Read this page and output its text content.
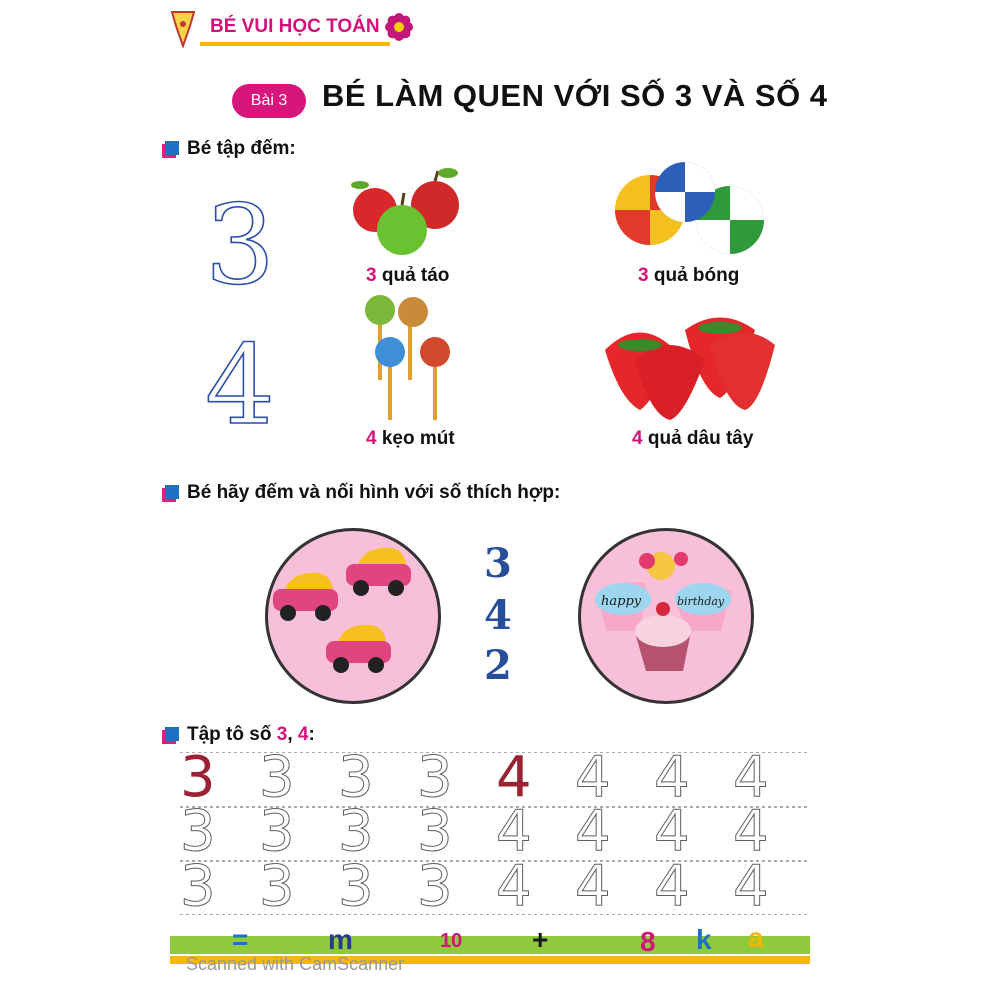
BÉ VUI HỌC TOÁN
Bài 3	BÉ LÀM QUEN VỚI SỐ 3 VÀ SỐ 4
Bé tập đếm:
3
4
3 quả táo	3 quả bóng
4 kẹo mút	4 quả dâu tây
Bé hãy đếm và nối hình với số thích hợp:
3
4
2
happy	birthday
Tập tô số 3, 4:
3 3 3 3 4 4 4 4
3 3 3 3 4 4 4 4
3 3 3 3 4 4 4 4
=	m	10 +	8 k a
Scanned with CamScanner
